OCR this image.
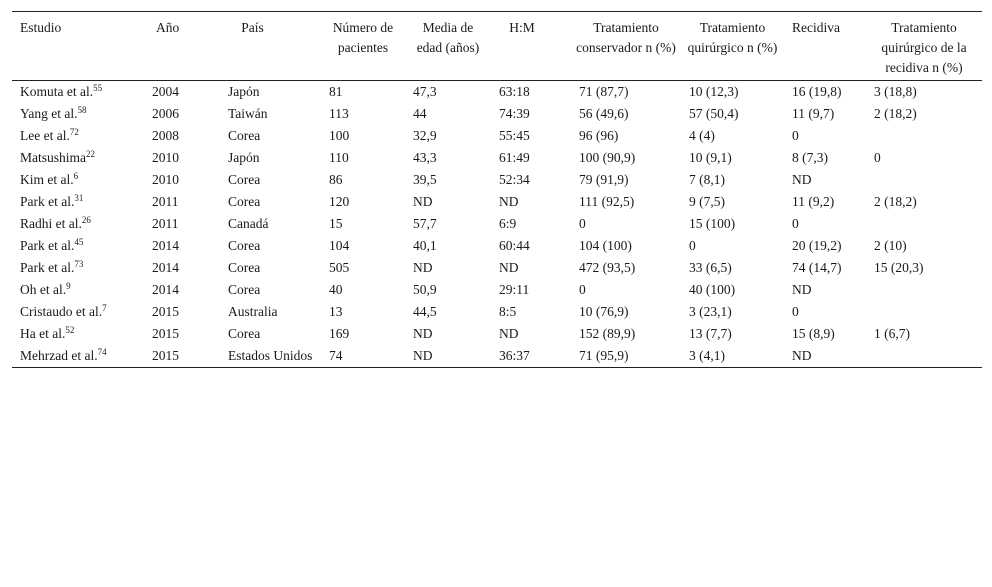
Estudio	Año	País	Número de pacientes	Media de edad (años)	H:M	Tratamiento conservador n (%)	Tratamiento quirúrgico n (%)	Recidiva	Tratamiento quirúrgico de la recidiva n (%)
Komuta et al.$^{55}$	2004	Japón	81	47,3	63:18	71 (87,7)	10 (12,3)	16 (19,8)	3 (18,8)
Yang et al.$^{58}$	2006	Taiwán	113	44	74:39	56 (49,6)	57 (50,4)	11 (9,7)	2 (18,2)
Lee et al.$^{72}$	2008	Corea	100	32,9	55:45	96 (96)	4 (4)	0	
Matsushima$^{22}$	2010	Japón	110	43,3	61:49	100 (90,9)	10 (9,1)	8 (7,3)	0
Kim et al.$^6$	2010	Corea	86	39,5	52:34	79 (91,9)	7 (8,1)	ND	
Park et al.$^{31}$	2011	Corea	120	ND	ND	111 (92,5)	9 (7,5)	11 (9,2)	2 (18,2)
Radhi et al.$^{26}$	2011	Canadá	15	57,7	6:9	0	15 (100)	0	
Park et al.$^{45}$	2014	Corea	104	40,1	60:44	104 (100)	0	20 (19,2)	2 (10)
Park et al.$^{73}$	2014	Corea	505	ND	ND	472 (93,5)	33 (6,5)	74 (14,7)	15 (20,3)
Oh et al.$^9$	2014	Corea	40	50,9	29:11	0	40 (100)	ND	
Cristaudo et al.$^7$	2015	Australia	13	44,5	8:5	10 (76,9)	3 (23,1)	0	
Ha et al.$^{52}$	2015	Corea	169	ND	ND	152 (89,9)	13 (7,7)	15 (8,9)	1 (6,7)
Mehrzad et al.$^{74}$	2015	Estados Unidos	74	ND	36:37	71 (95,9)	3 (4,1)	ND	
